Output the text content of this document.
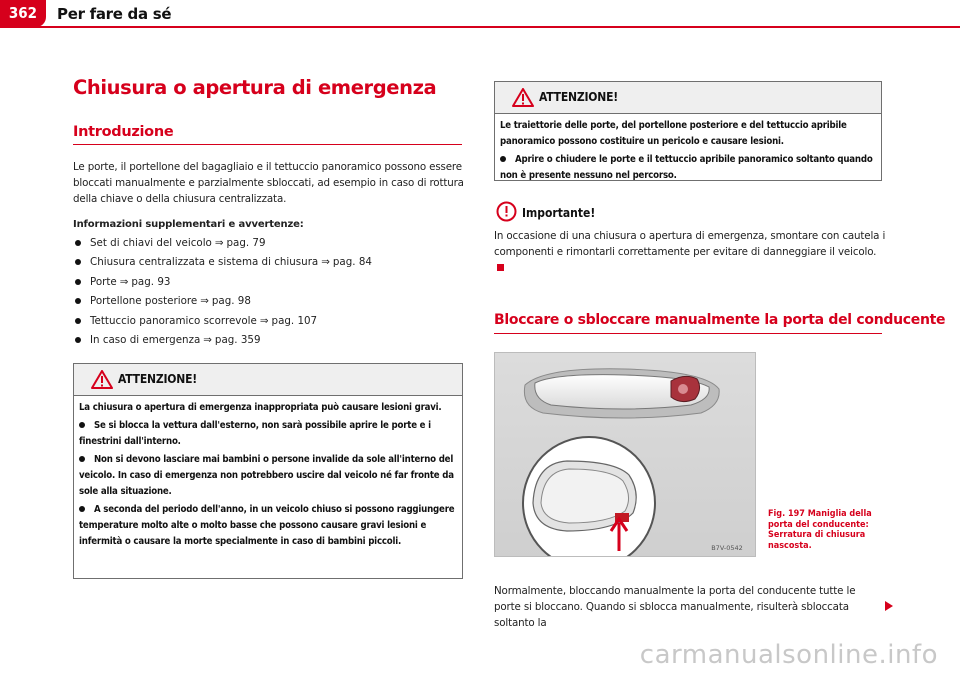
362	Per fare da sé
Chiusura o apertura di emergenza
Introduzione
Le porte, il portellone del bagagliaio e il tettuccio panoramico possono essere bloccati manualmente e parzialmente sbloccati, ad esempio in caso di rottura della chiave o della chiusura centralizzata.
Informazioni supplementari e avvertenze:
Set di chiavi del veicolo ⇒ pag. 79
Chiusura centralizzata e sistema di chiusura ⇒ pag. 84
Porte ⇒ pag. 93
Portellone posteriore ⇒ pag. 98
Tettuccio panoramico scorrevole ⇒ pag. 107
In caso di emergenza ⇒ pag. 359
ATTENZIONE!

La chiusura o apertura di emergenza inappropriata può causare lesioni gravi.

Se si blocca la vettura dall'esterno, non sarà possibile aprire le porte e i finestrini dall'interno.

Non si devono lasciare mai bambini o persone invalide da sole all'interno del veicolo. In caso di emergenza non potrebbero uscire dal veicolo né far fronte da sole alla situazione.

A seconda del periodo dell'anno, in un veicolo chiuso si possono raggiungere temperature molto alte o molto basse che possono causare gravi lesioni e infermità o causare la morte specialmente in caso di bambini piccoli.

ATTENZIONE!

Le traiettorie delle porte, del portellone posteriore e del tettuccio apribile panoramico possono costituire un pericolo e causare lesioni.

Aprire o chiudere le porte e il tettuccio apribile panoramico soltanto quando non è presente nessuno nel percorso.

Importante!
In occasione di una chiusura o apertura di emergenza, smontare con cautela i componenti e rimontarli correttamente per evitare di danneggiare il veicolo.
Bloccare o sbloccare manualmente la porta del conducente
B7V-0542
Fig. 197 Maniglia della porta del conducente: Serratura di chiusura nascosta.
Normalmente, bloccando manualmente la porta del conducente tutte le porte si bloccano. Quando si sblocca manualmente, risulterà sbloccata soltanto la
carmanualsonline.info
